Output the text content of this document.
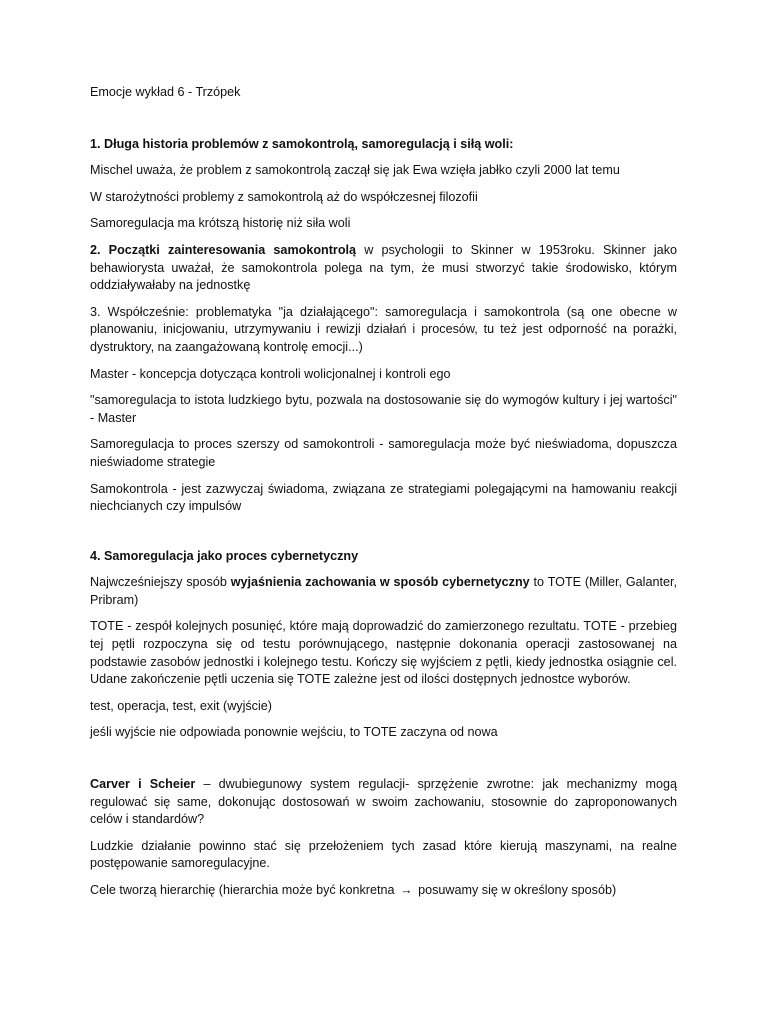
Emocje wykład 6 - Trzópek

1. Długa historia problemów z samokontrolą, samoregulacją i siłą woli:

Mischel uważa, że problem z samokontrolą zaczął się jak Ewa wzięła jabłko czyli 2000 lat temu

W starożytności problemy z samokontrolą aż do współczesnej filozofii

Samoregulacja ma krótszą historię niż siła woli

2. Początki zainteresowania samokontrolą w psychologii to Skinner w 1953roku. Skinner jako behawiorysta uważał, że samokontrola polega na tym, że musi stworzyć takie środowisko, którym oddziaływałaby na jednostkę

3. Współcześnie: problematyka "ja działającego": samoregulacja i samokontrola (są one obecne w planowaniu, inicjowaniu, utrzymywaniu i rewizji działań i procesów, tu też jest odporność na porażki, dystruktory, na zaangażowaną kontrolę emocji...)

Master - koncepcja dotycząca kontroli wolicjonalnej i kontroli ego

"samoregulacja to istota ludzkiego bytu, pozwala na dostosowanie się do wymogów kultury i jej wartości" - Master

Samoregulacja to proces szerszy od samokontroli - samoregulacja może być nieświadoma, dopuszcza nieświadome strategie

Samokontrola - jest zazwyczaj świadoma, związana ze strategiami polegającymi na hamowaniu reakcji niechcianych czy impulsów

4. Samoregulacja jako proces cybernetyczny

Najwcześniejszy sposób wyjaśnienia zachowania w sposób cybernetyczny to TOTE (Miller, Galanter, Pribram)

TOTE - zespół kolejnych posunięć, które mają doprowadzić do zamierzonego rezultatu. TOTE - przebieg tej pętli rozpoczyna się od testu porównującego, następnie dokonania operacji zastosowanej na podstawie zasobów jednostki i kolejnego testu. Kończy się wyjściem z pętli, kiedy jednostka osiągnie cel. Udane zakończenie pętli uczenia się TOTE zależne jest od ilości dostępnych jednostce wyborów.

test, operacja, test, exit (wyjście)

jeśli wyjście nie odpowiada ponownie wejściu, to TOTE zaczyna od nowa

Carver i Scheier – dwubiegunowy system regulacji- sprzężenie zwrotne: jak mechanizmy mogą regulować się same, dokonując dostosowań w swoim zachowaniu, stosownie do zaproponowanych celów i standardów?

Ludzkie działanie powinno stać się przełożeniem tych zasad które kierują maszynami, na realne postępowanie samoregulacyjne.

Cele tworzą hierarchię (hierarchia może być konkretna → posuwamy się w określony sposób)
